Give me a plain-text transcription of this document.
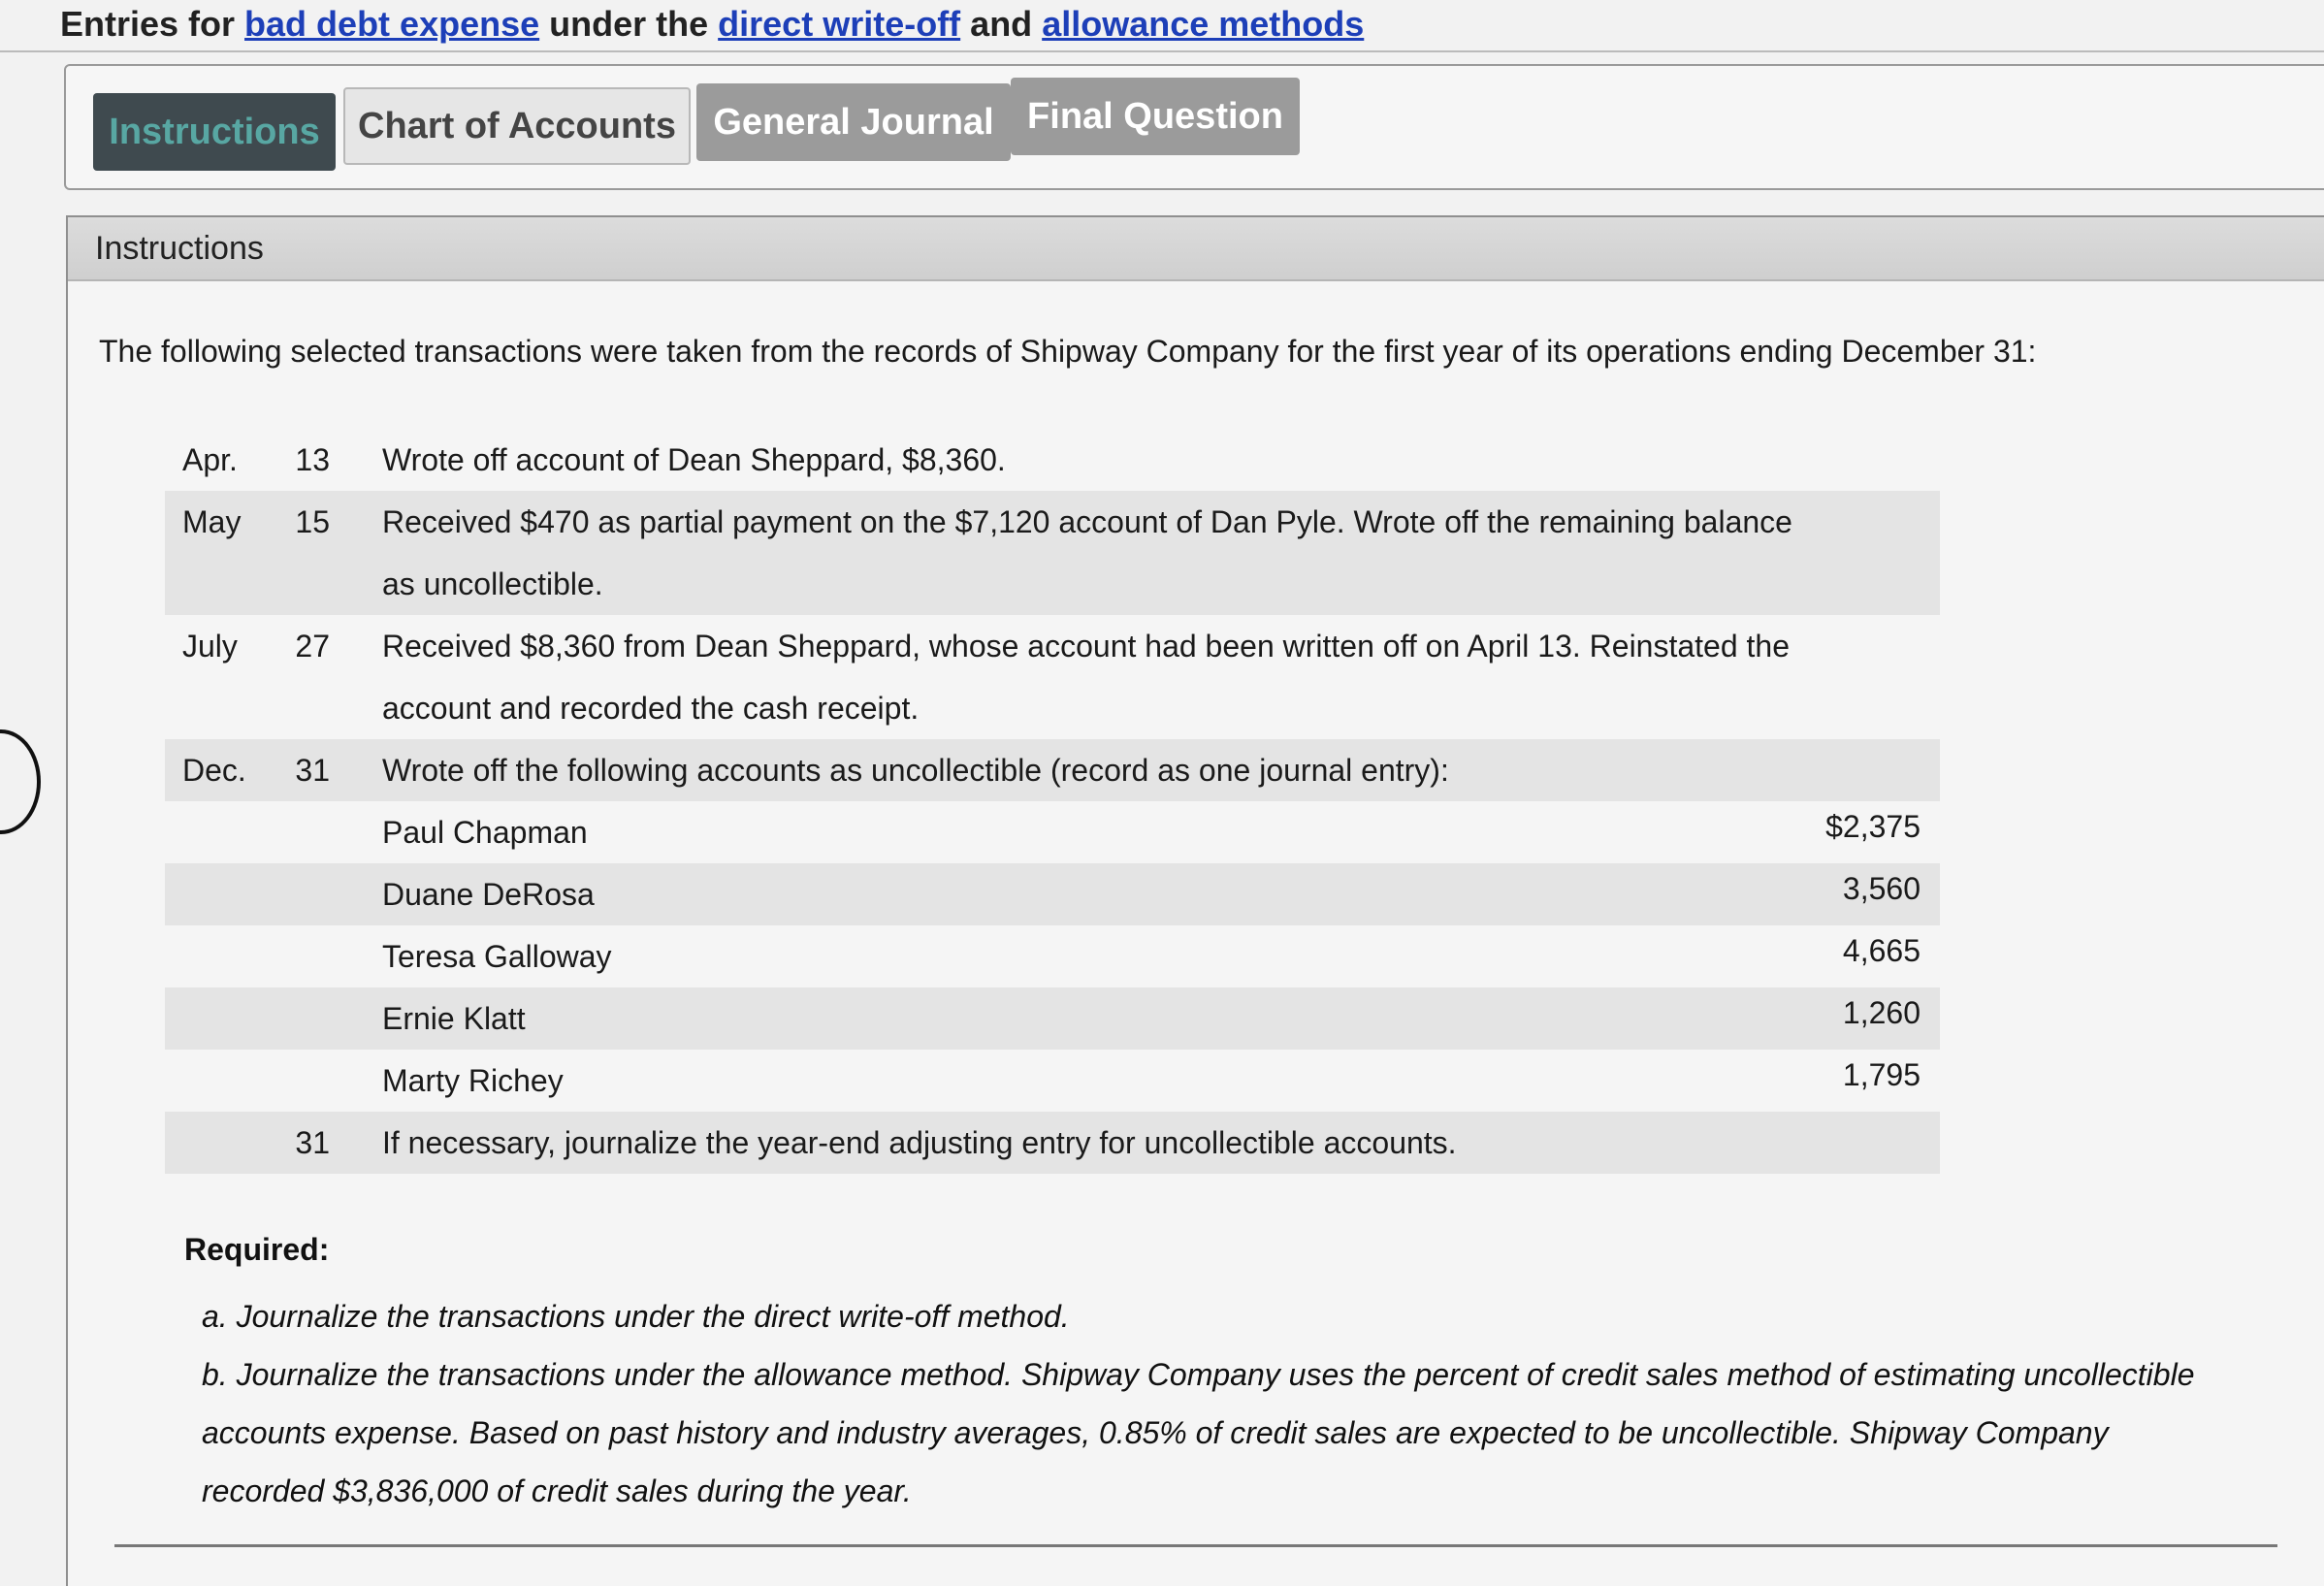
Entries for bad debt expense under the direct write-off and allowance methods
Instructions	Chart of Accounts	General Journal Final Question
Instructions
The following selected transactions were taken from the records of Shipway Company for the first year of its operations ending December 31:
Apr.	13 Wrote off account of Dean Sheppard, $8,360.
May	15 Received $470 as partial payment on the $7,120 account of Dan Pyle. Wrote off the remaining balance
as uncollectible.
July	27 Received $8,360 from Dean Sheppard, whose account had been written off on April 13. Reinstated the
account and recorded the cash receipt.
Dec.	31 Wrote off the following accounts as uncollectible (record as one journal entry):
Paul Chapman	$2,375
Duane DeRosa	3,560
Teresa Galloway	4,665
Ernie Klatt	1,260
Marty Richey	1,795
31 If necessary, journalize the year-end adjusting entry for uncollectible accounts.
Required:
a. Journalize the transactions under the direct write-off method.
b. Journalize the transactions under the allowance method. Shipway Company uses the percent of credit sales method of estimating uncollectible
accounts expense. Based on past history and industry averages, 0.85% of credit sales are expected to be uncollectible. Shipway Company
recorded $3,836,000 of credit sales during the year.
